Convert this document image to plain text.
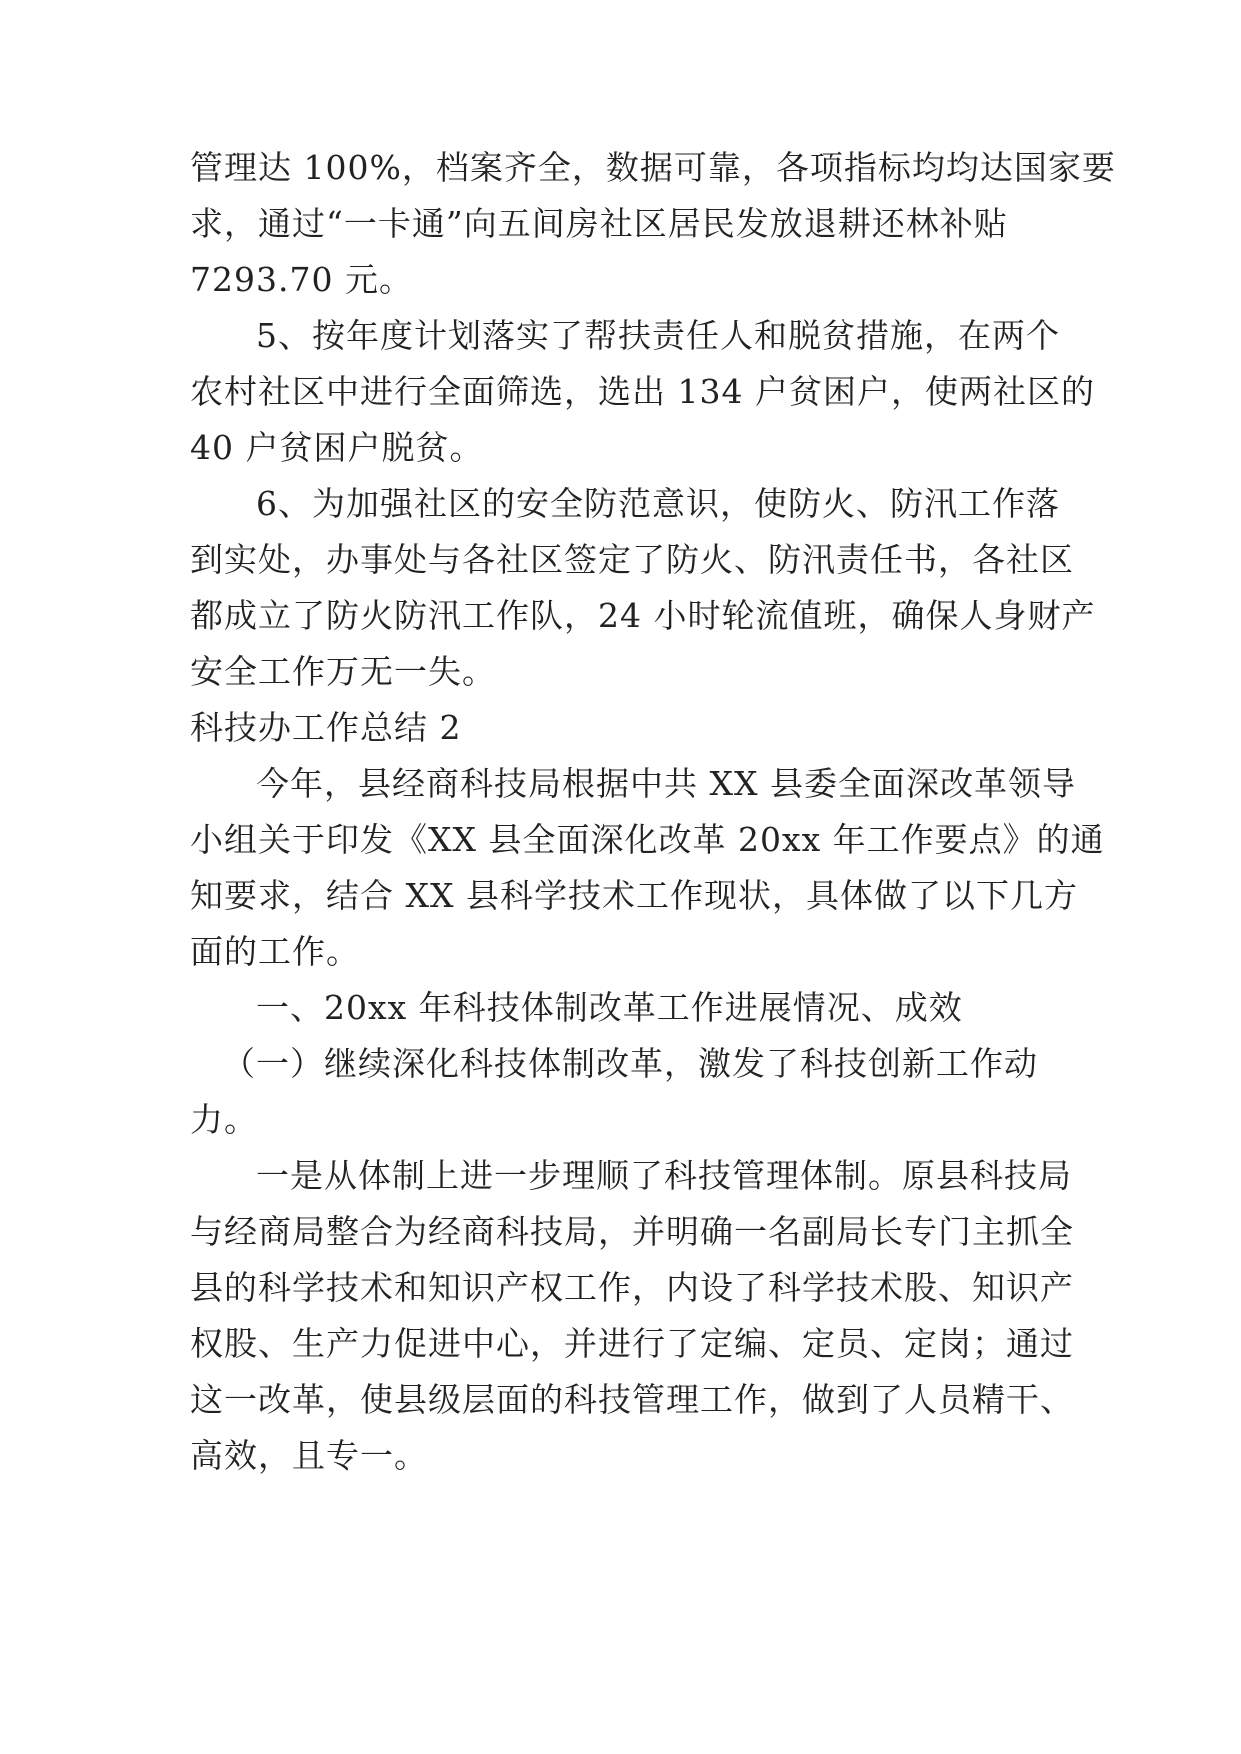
管理达 100%，档案齐全，数据可靠，各项指标均均达国家要
求，通过“一卡通”向五间房社区居民发放退耕还林补贴
7293.70 元。
5、按年度计划落实了帮扶责任人和脱贫措施，在两个
农村社区中进行全面筛选，选出 134 户贫困户，使两社区的
40 户贫困户脱贫。
6、为加强社区的安全防范意识，使防火、防汛工作落
到实处，办事处与各社区签定了防火、防汛责任书，各社区
都成立了防火防汛工作队，24 小时轮流值班，确保人身财产
安全工作万无一失。
科技办工作总结 2
今年，县经商科技局根据中共 XX 县委全面深改革领导
小组关于印发《XX 县全面深化改革 20xx 年工作要点》的通
知要求，结合 XX 县科学技术工作现状，具体做了以下几方
面的工作。
一、20xx 年科技体制改革工作进展情况、成效
（一）继续深化科技体制改革，激发了科技创新工作动
力。
一是从体制上进一步理顺了科技管理体制。原县科技局
与经商局整合为经商科技局，并明确一名副局长专门主抓全
县的科学技术和知识产权工作，内设了科学技术股、知识产
权股、生产力促进中心，并进行了定编、定员、定岗；通过
这一改革，使县级层面的科技管理工作，做到了人员精干、
高效，且专一。
